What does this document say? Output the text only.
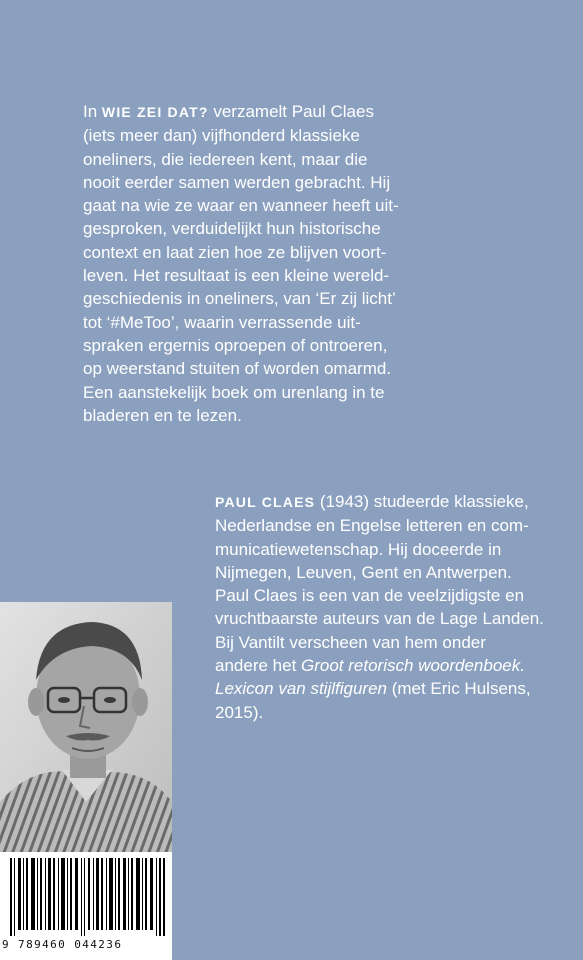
In WIE ZEI DAT? verzamelt Paul Claes
(iets meer dan) vijfhonderd klassieke
oneliners, die iedereen kent, maar die
nooit eerder samen werden gebracht. Hij
gaat na wie ze waar en wanneer heeft uit-
gesproken, verduidelijkt hun historische
context en laat zien hoe ze blijven voort-
leven. Het resultaat is een kleine wereld-
geschiedenis in oneliners, van ‘Er zij licht’
tot ‘#MeToo’, waarin verrassende uit-
spraken ergernis oproepen of ontroeren,
op weerstand stuiten of worden omarmd.
Een aanstekelijk boek om urenlang in te
bladeren en te lezen.
PAUL CLAES (1943) studeerde klassieke,
Nederlandse en Engelse letteren en com-
municatiewetenschap. Hij doceerde in
Nijmegen, Leuven, Gent en Antwerpen.
Paul Claes is een van de veelzijdigste en
vruchtbaarste auteurs van de Lage Landen.
Bij Vantilt verscheen van hem onder
andere het Groot retorisch woordenboek.
Lexicon van stijlfiguren (met Eric Hulsens,
2015).
9 789460 044236
